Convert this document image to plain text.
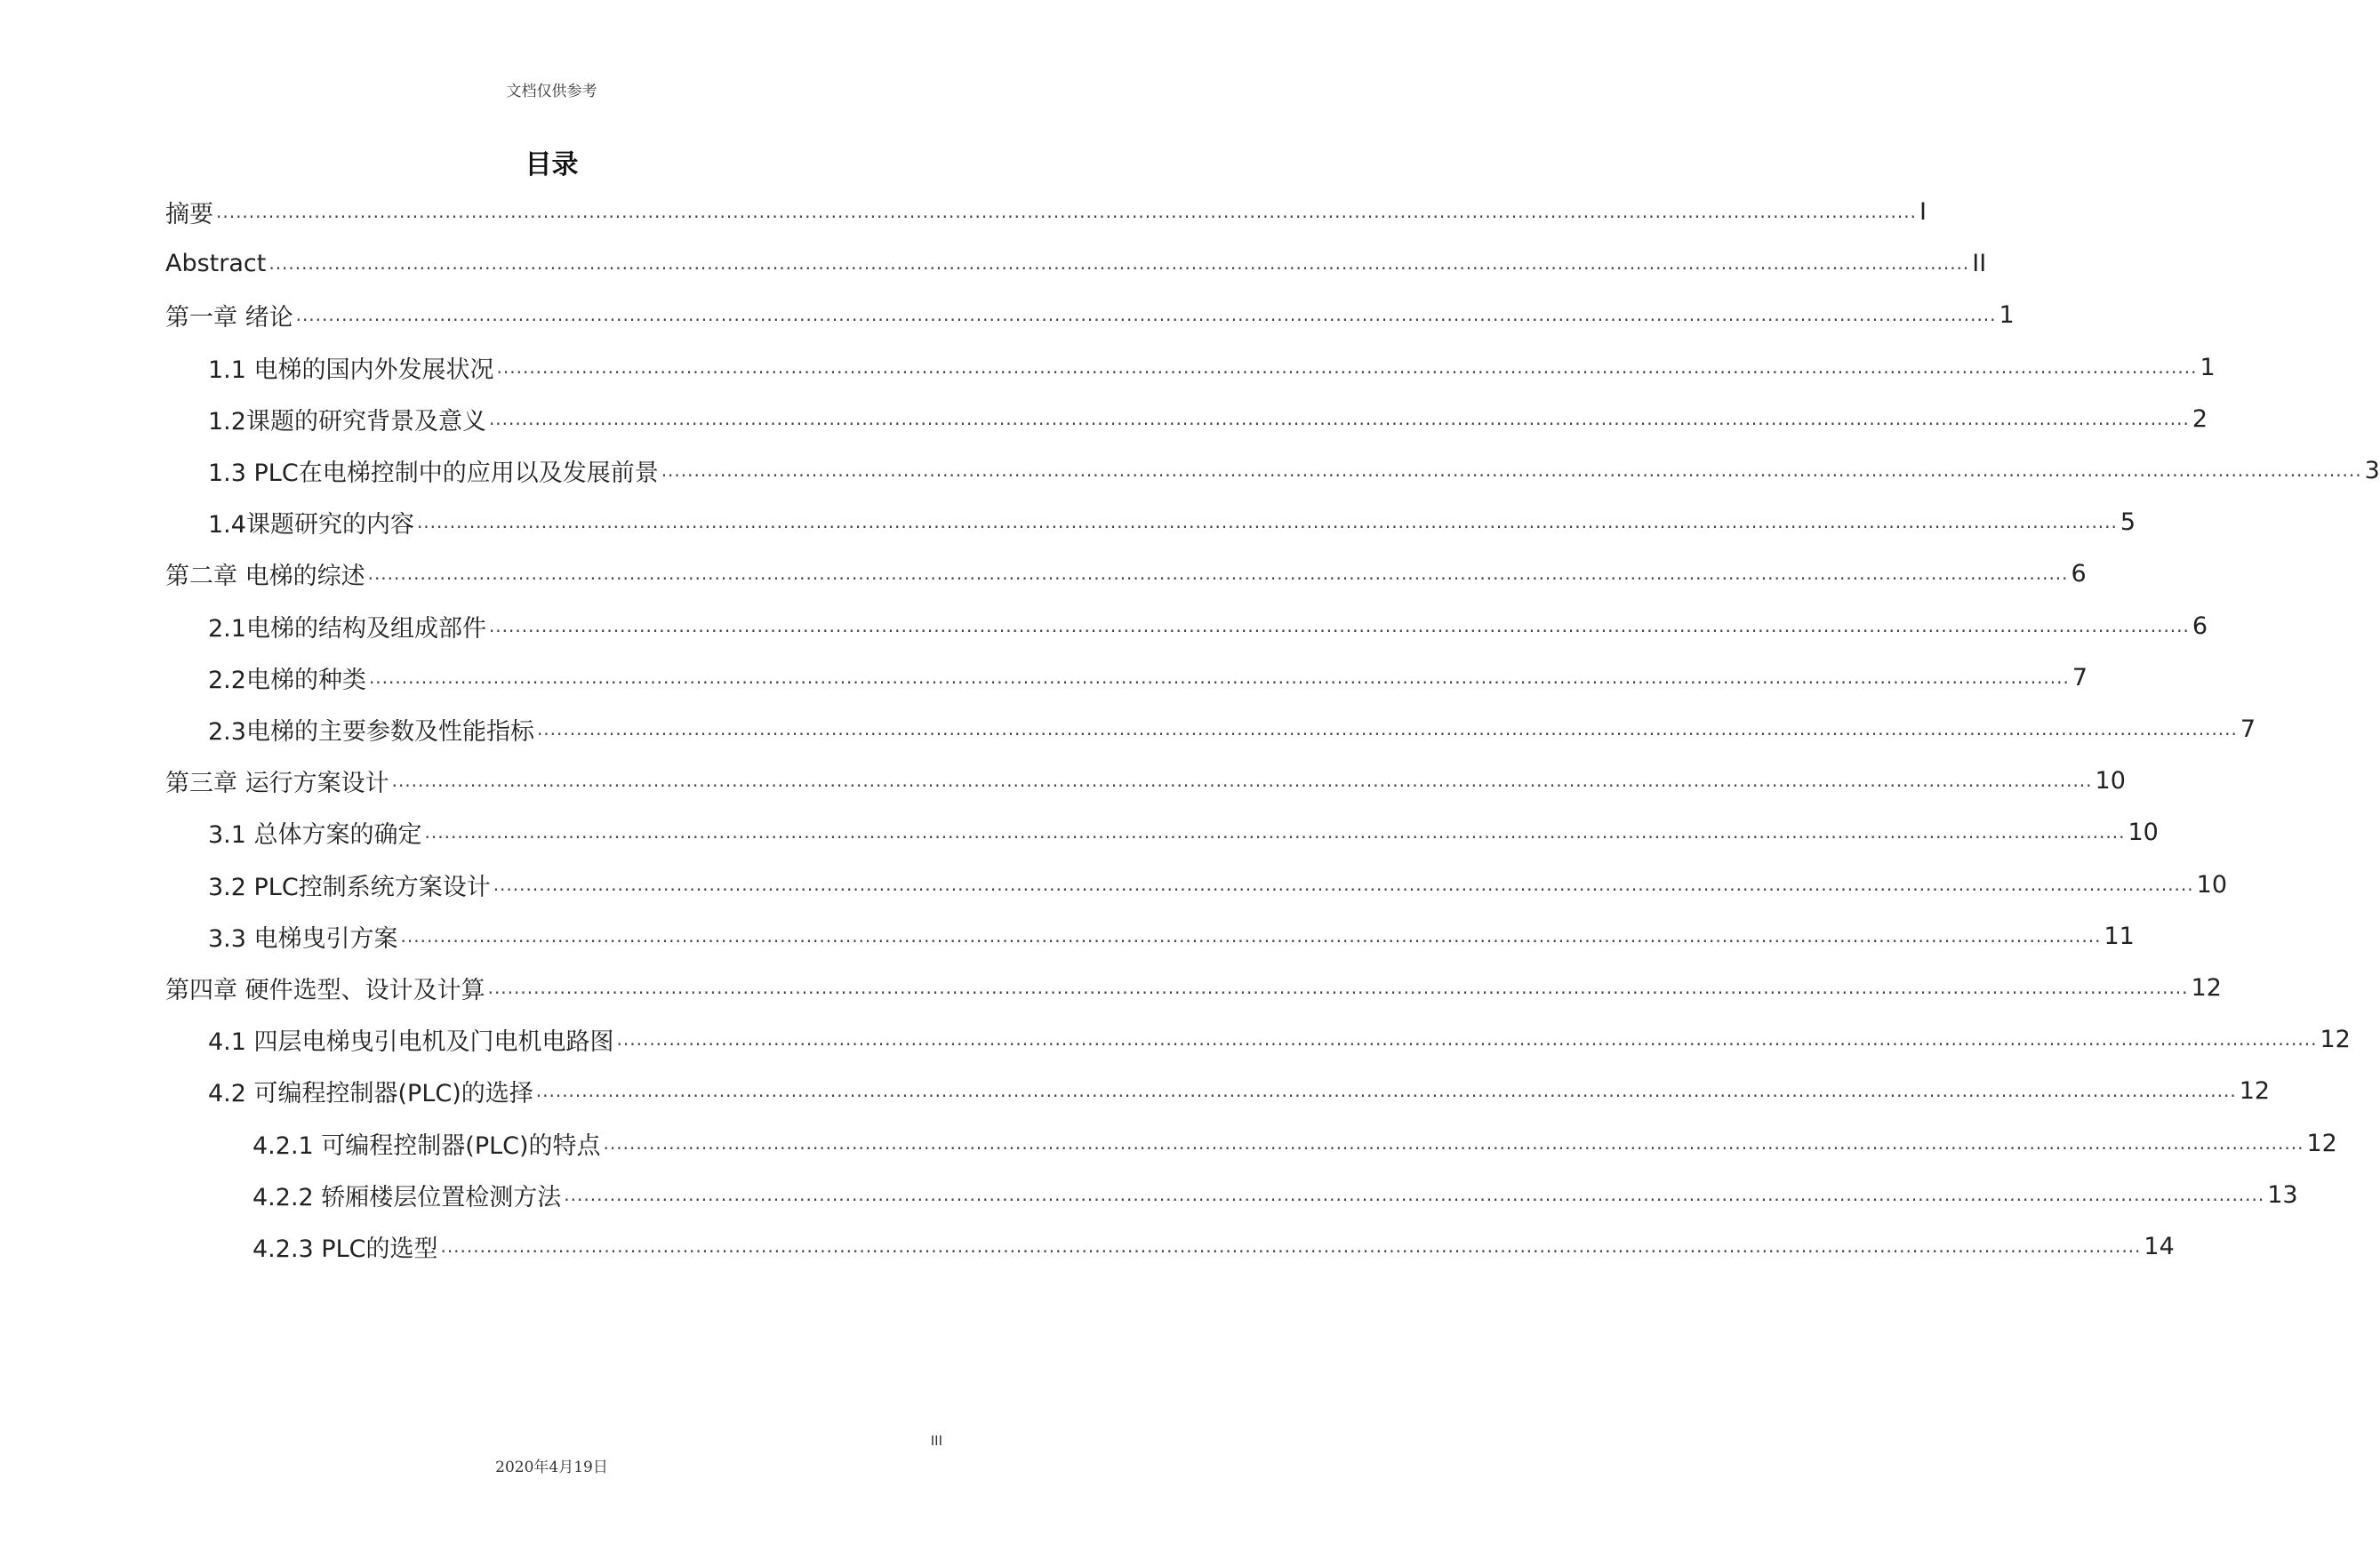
文档仅供参考
目录
摘要 .................................................................................................................................................................................................................................................................... I
Abstract .................................................................................................................................................................................................................................................................... II
第一章 绪论 .................................................................................................................................................................................................................................................................... 1
1.1 电梯的国内外发展状况 .................................................................................................................................................................................................................................................................... 1
1.2课题的研究背景及意义 .................................................................................................................................................................................................................................................................... 2
1.3 PLC在电梯控制中的应用以及发展前景 .................................................................................................................................................................................................................................................................... 3
1.4课题研究的内容 .................................................................................................................................................................................................................................................................... 5
第二章 电梯的综述 .................................................................................................................................................................................................................................................................... 6
2.1电梯的结构及组成部件 .................................................................................................................................................................................................................................................................... 6
2.2电梯的种类 .................................................................................................................................................................................................................................................................... 7
2.3电梯的主要参数及性能指标 .................................................................................................................................................................................................................................................................... 7
第三章 运行方案设计 .................................................................................................................................................................................................................................................................... 10
3.1 总体方案的确定 .................................................................................................................................................................................................................................................................... 10
3.2 PLC控制系统方案设计 .................................................................................................................................................................................................................................................................... 10
3.3 电梯曳引方案 .................................................................................................................................................................................................................................................................... 11
第四章 硬件选型、设计及计算 .................................................................................................................................................................................................................................................................... 12
4.1 四层电梯曳引电机及门电机电路图 .................................................................................................................................................................................................................................................................... 12
4.2 可编程控制器(PLC)的选择 .................................................................................................................................................................................................................................................................... 12
4.2.1 可编程控制器(PLC)的特点 .................................................................................................................................................................................................................................................................... 12
4.2.2 轿厢楼层位置检测方法 .................................................................................................................................................................................................................................................................... 13
4.2.3 PLC的选型 .................................................................................................................................................................................................................................................................... 14
III
2020年4月19日
